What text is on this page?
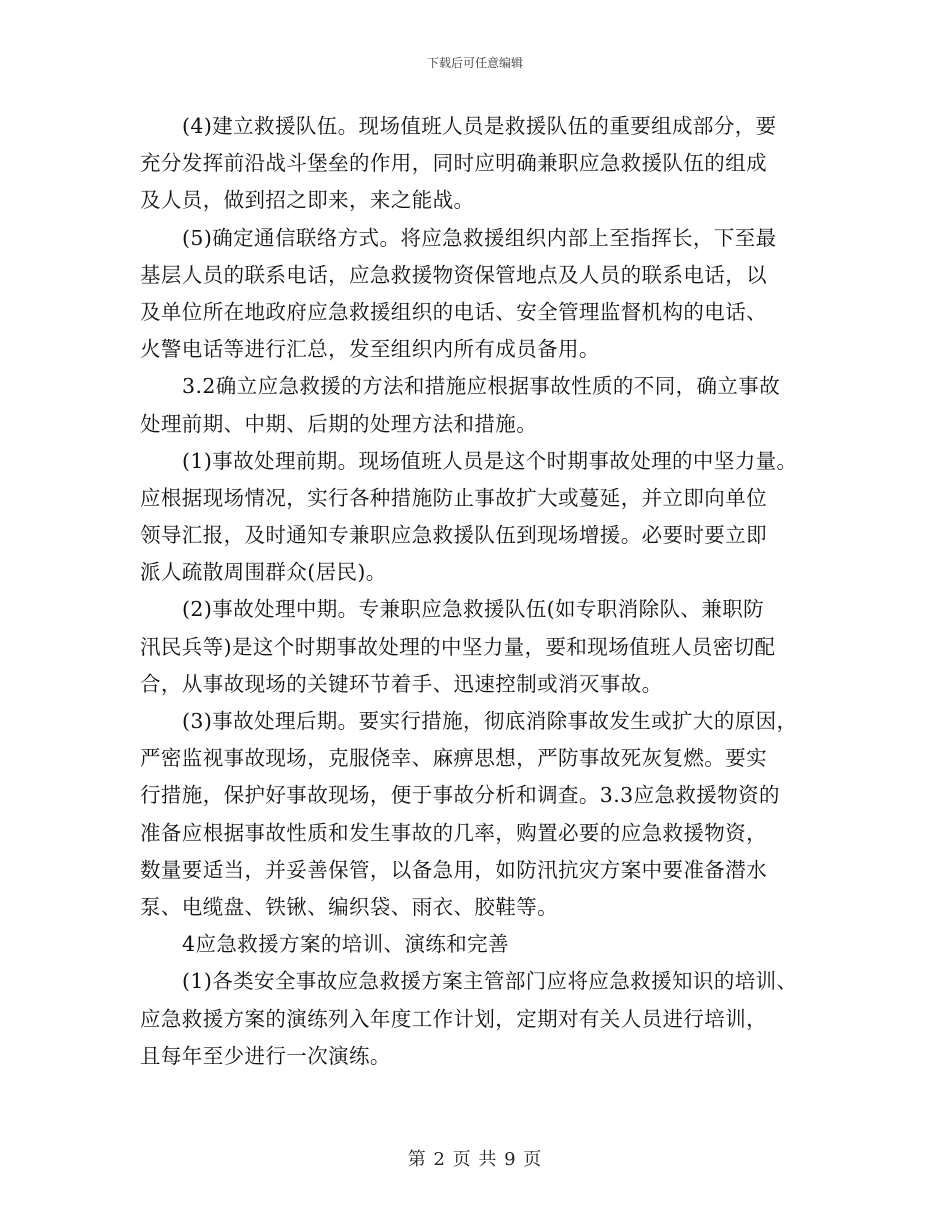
下载后可任意编辑
(4)建立救援队伍。现场值班人员是救援队伍的重要组成部分，要
充分发挥前沿战斗堡垒的作用，同时应明确兼职应急救援队伍的组成
及人员，做到招之即来，来之能战。
(5)确定通信联络方式。将应急救援组织内部上至指挥长，下至最
基层人员的联系电话，应急救援物资保管地点及人员的联系电话，以
及单位所在地政府应急救援组织的电话、安全管理监督机构的电话、
火警电话等进行汇总，发至组织内所有成员备用。
3.2确立应急救援的方法和措施应根据事故性质的不同，确立事故
处理前期、中期、后期的处理方法和措施。
(1)事故处理前期。现场值班人员是这个时期事故处理的中坚力量。
应根据现场情况，实行各种措施防止事故扩大或蔓延，并立即向单位
领导汇报，及时通知专兼职应急救援队伍到现场增援。必要时要立即
派人疏散周围群众(居民)。
(2)事故处理中期。专兼职应急救援队伍(如专职消除队、兼职防
汛民兵等)是这个时期事故处理的中坚力量，要和现场值班人员密切配
合，从事故现场的关键环节着手、迅速控制或消灭事故。
(3)事故处理后期。要实行措施，彻底消除事故发生或扩大的原因，
严密监视事故现场，克服侥幸、麻痹思想，严防事故死灰复燃。要实
行措施，保护好事故现场，便于事故分析和调查。3.3应急救援物资的
准备应根据事故性质和发生事故的几率，购置必要的应急救援物资，
数量要适当，并妥善保管，以备急用，如防汛抗灾方案中要准备潜水
泵、电缆盘、铁锹、编织袋、雨衣、胶鞋等。
4应急救援方案的培训、演练和完善
(1)各类安全事故应急救援方案主管部门应将应急救援知识的培训、
应急救援方案的演练列入年度工作计划，定期对有关人员进行培训，
且每年至少进行一次演练。
第 2 页 共 9 页
